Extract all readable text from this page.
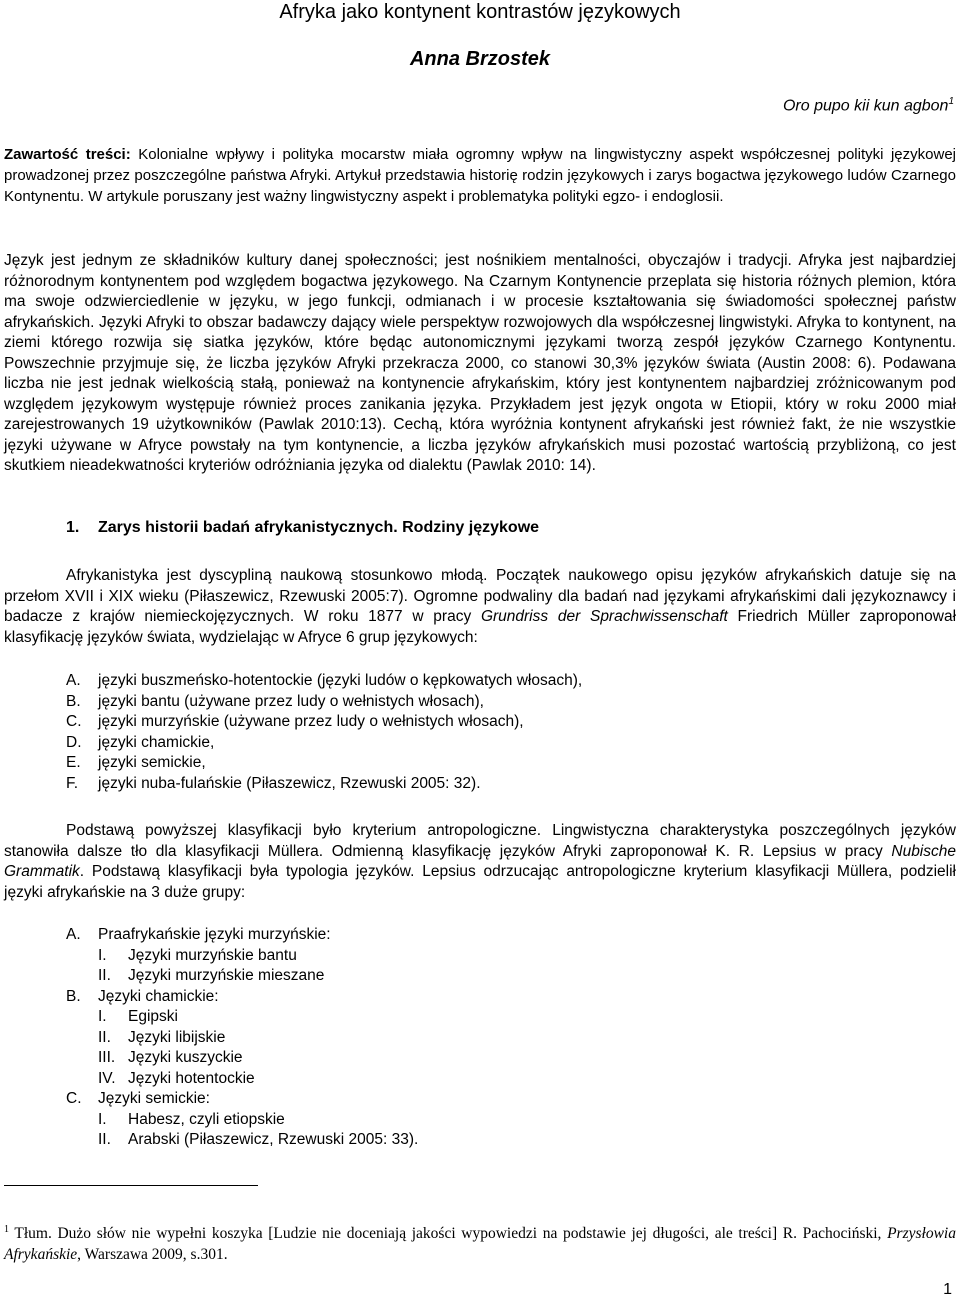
Afryka jako kontynent kontrastów językowych
Anna Brzostek
Oro pupo kii kun agbon$^1$
Zawartość treści: Kolonialne wpływy i polityka mocarstw miała ogromny wpływ na lingwistyczny aspekt współczesnej polityki językowej prowadzonej przez poszczególne państwa Afryki. Artykuł przedstawia historię rodzin językowych i zarys bogactwa językowego ludów Czarnego Kontynentu. W artykule poruszany jest ważny lingwistyczny aspekt i problematyka polityki egzo- i endoglosii.
Język jest jednym ze składników kultury danej społeczności; jest nośnikiem mentalności, obyczajów i tradycji. Afryka jest najbardziej różnorodnym kontynentem pod względem bogactwa językowego. Na Czarnym Kontynencie przeplata się historia różnych plemion, która ma swoje odzwierciedlenie w języku, w jego funkcji, odmianach i w procesie kształtowania się świadomości społecznej państw afrykańskich. Języki Afryki to obszar badawczy dający wiele perspektyw rozwojowych dla współczesnej lingwistyki. Afryka to kontynent, na ziemi którego rozwija się siatka języków, które będąc autonomicznymi językami tworzą zespół języków Czarnego Kontynentu. Powszechnie przyjmuje się, że liczba języków Afryki przekracza 2000, co stanowi 30,3% języków świata (Austin 2008: 6). Podawana liczba nie jest jednak wielkością stałą, ponieważ na kontynencie afrykańskim, który jest kontynentem najbardziej zróżnicowanym pod względem językowym występuje również proces zanikania języka. Przykładem jest język ongota w Etiopii, który w roku 2000 miał zarejestrowanych 19 użytkowników (Pawlak 2010:13). Cechą, która wyróżnia kontynent afrykański jest również fakt, że nie wszystkie języki używane w Afryce powstały na tym kontynencie, a liczba języków afrykańskich musi pozostać wartością przybliżoną, co jest skutkiem nieadekwatności kryteriów odróżniania języka od dialektu (Pawlak 2010: 14).
1. Zarys historii badań afrykanistycznych. Rodziny językowe
Afrykanistyka jest dyscypliną naukową stosunkowo młodą. Początek naukowego opisu języków afrykańskich datuje się na przełom XVII i XIX wieku (Piłaszewicz, Rzewuski 2005:7). Ogromne podwaliny dla badań nad językami afrykańskimi dali językoznawcy i badacze z krajów niemieckojęzycznych. W roku 1877 w pracy Grundriss der Sprachwissenschaft Friedrich Müller zaproponował klasyfikację języków świata, wydzielając w Afryce 6 grup językowych:
A. języki buszmeńsko-hotentockie (języki ludów o kępkowatych włosach),
B. języki bantu (używane przez ludy o wełnistych włosach),
C. języki murzyńskie (używane przez ludy o wełnistych włosach),
D. języki chamickie,
E. języki semickie,
F. języki nuba-fulańskie (Piłaszewicz, Rzewuski 2005: 32).
Podstawą powyższej klasyfikacji było kryterium antropologiczne. Lingwistyczna charakterystyka poszczególnych języków stanowiła dalsze tło dla klasyfikacji Müllera. Odmienną klasyfikację języków Afryki zaproponował K. R. Lepsius w pracy Nubische Grammatik. Podstawą klasyfikacji była typologia języków. Lepsius odrzucając antropologiczne kryterium klasyfikacji Müllera, podzielił języki afrykańskie na 3 duże grupy:
A. Praafrykańskie języki murzyńskie:
I. Języki murzyńskie bantu
II. Języki murzyńskie mieszane
B. Języki chamickie:
I. Egipski
II. Języki libijskie
III. Języki kuszyckie
IV. Języki hotentockie
C. Języki semickie:
I. Habesz, czyli etiopskie
II. Arabski (Piłaszewicz, Rzewuski 2005: 33).
$^1$ Tłum. Dużo słów nie wypełni koszyka [Ludzie nie doceniają jakości wypowiedzi na podstawie jej długości, ale treści] R. Pachociński, Przysłowia Afrykańskie, Warszawa 2009, s.301.
1
